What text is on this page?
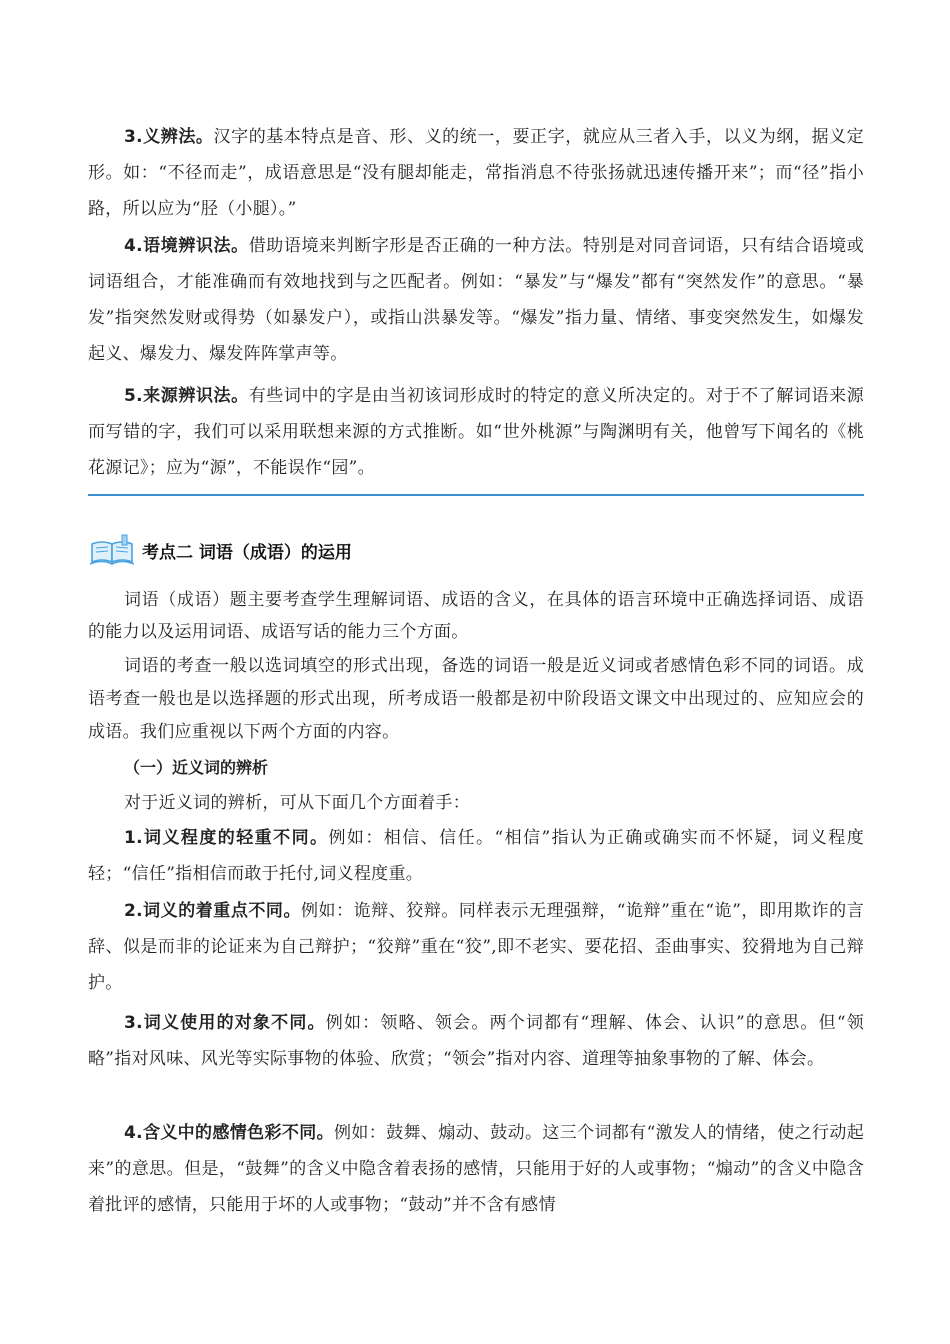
3.义辨法。汉字的基本特点是音、形、义的统一，要正字，就应从三者入手，以义为纲，据义定形。如：“不径而走”，成语意思是“没有腿却能走，常指消息不待张扬就迅速传播开来”；而“径”指小路，所以应为“胫（小腿）。”
4.语境辨识法。借助语境来判断字形是否正确的一种方法。特别是对同音词语，只有结合语境或词语组合，才能准确而有效地找到与之匹配者。例如：“暴发”与“爆发”都有“突然发作”的意思。“暴发”指突然发财或得势（如暴发户），或指山洪暴发等。“爆发”指力量、情绪、事变突然发生，如爆发起义、爆发力、爆发阵阵掌声等。
5.来源辨识法。有些词中的字是由当初该词形成时的特定的意义所决定的。对于不了解词语来源而写错的字，我们可以采用联想来源的方式推断。如“世外桃源”与陶渊明有关，他曾写下闻名的《桃花源记》；应为“源”，不能误作“园”。
考点二 词语（成语）的运用
词语（成语）题主要考查学生理解词语、成语的含义，在具体的语言环境中正确选择词语、成语的能力以及运用词语、成语写话的能力三个方面。
词语的考查一般以选词填空的形式出现，备选的词语一般是近义词或者感情色彩不同的词语。成语考查一般也是以选择题的形式出现，所考成语一般都是初中阶段语文课文中出现过的、应知应会的成语。我们应重视以下两个方面的内容。
（一）近义词的辨析
对于近义词的辨析，可从下面几个方面着手：
1.词义程度的轻重不同。例如：相信、信任。“相信”指认为正确或确实而不怀疑，词义程度轻；“信任”指相信而敢于托付,词义程度重。
2.词义的着重点不同。例如：诡辩、狡辩。同样表示无理强辩，“诡辩”重在“诡”，即用欺诈的言辞、似是而非的论证来为自己辩护；“狡辩”重在“狡”,即不老实、要花招、歪曲事实、狡猾地为自己辩护。
3.词义使用的对象不同。例如：领略、领会。两个词都有“理解、体会、认识”的意思。但“领略”指对风味、风光等实际事物的体验、欣赏；“领会”指对内容、道理等抽象事物的了解、体会。
4.含义中的感情色彩不同。例如：鼓舞、煽动、鼓动。这三个词都有“激发人的情绪，使之行动起来”的意思。但是，“鼓舞”的含义中隐含着表扬的感情，只能用于好的人或事物；“煽动”的含义中隐含着批评的感情，只能用于坏的人或事物；“鼓动”并不含有感情
